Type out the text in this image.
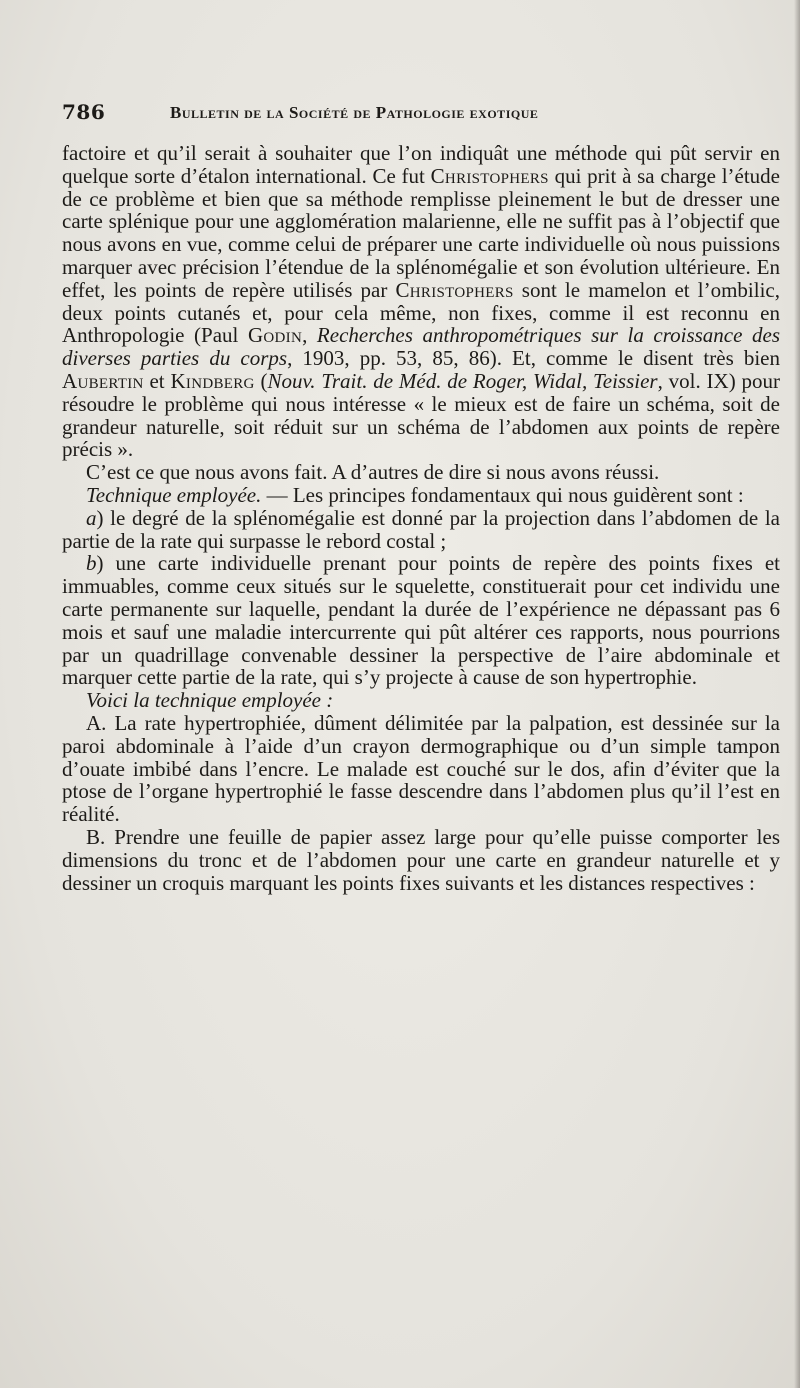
786	Bulletin de la Société de Pathologie exotique

factoire et qu’il serait à souhaiter que l’on indiquât une méthode qui pût servir en quelque sorte d’étalon international. Ce fut Christophers qui prit à sa charge l’étude de ce problème et bien que sa méthode remplisse pleinement le but de dresser une carte splénique pour une agglomération malarienne, elle ne suffit pas à l’objectif que nous avons en vue, comme celui de préparer une carte individuelle où nous puissions marquer avec précision l’étendue de la splénomégalie et son évolution ultérieure. En effet, les points de repère utilisés par Christophers sont le mamelon et l’ombilic, deux points cutanés et, pour cela même, non fixes, comme il est reconnu en Anthropologie (Paul Godin, Recherches anthropométriques sur la croissance des diverses parties du corps, 1903, pp. 53, 85, 86). Et, comme le disent très bien Aubertin et Kindberg (Nouv. Trait. de Méd. de Roger, Widal, Teissier, vol. IX) pour résoudre le problème qui nous intéresse « le mieux est de faire un schéma, soit de grandeur naturelle, soit réduit sur un schéma de l’abdomen aux points de repère précis ».

C’est ce que nous avons fait. A d’autres de dire si nous avons réussi.

Technique employée. — Les principes fondamentaux qui nous guidèrent sont :

a) le degré de la splénomégalie est donné par la projection dans l’abdomen de la partie de la rate qui surpasse le rebord costal ;

b) une carte individuelle prenant pour points de repère des points fixes et immuables, comme ceux situés sur le squelette, constituerait pour cet individu une carte permanente sur laquelle, pendant la durée de l’expérience ne dépassant pas 6 mois et sauf une maladie intercurrente qui pût altérer ces rapports, nous pourrions par un quadrillage convenable dessiner la perspective de l’aire abdominale et marquer cette partie de la rate, qui s’y projecte à cause de son hypertrophie.

Voici la technique employée :

A. La rate hypertrophiée, dûment délimitée par la palpation, est dessinée sur la paroi abdominale à l’aide d’un crayon dermographique ou d’un simple tampon d’ouate imbibé dans l’encre. Le malade est couché sur le dos, afin d’éviter que la ptose de l’organe hypertrophié le fasse descendre dans l’abdomen plus qu’il l’est en réalité.

B. Prendre une feuille de papier assez large pour qu’elle puisse comporter les dimensions du tronc et de l’abdomen pour une carte en grandeur naturelle et y dessiner un croquis marquant les points fixes suivants et les distances respectives :
